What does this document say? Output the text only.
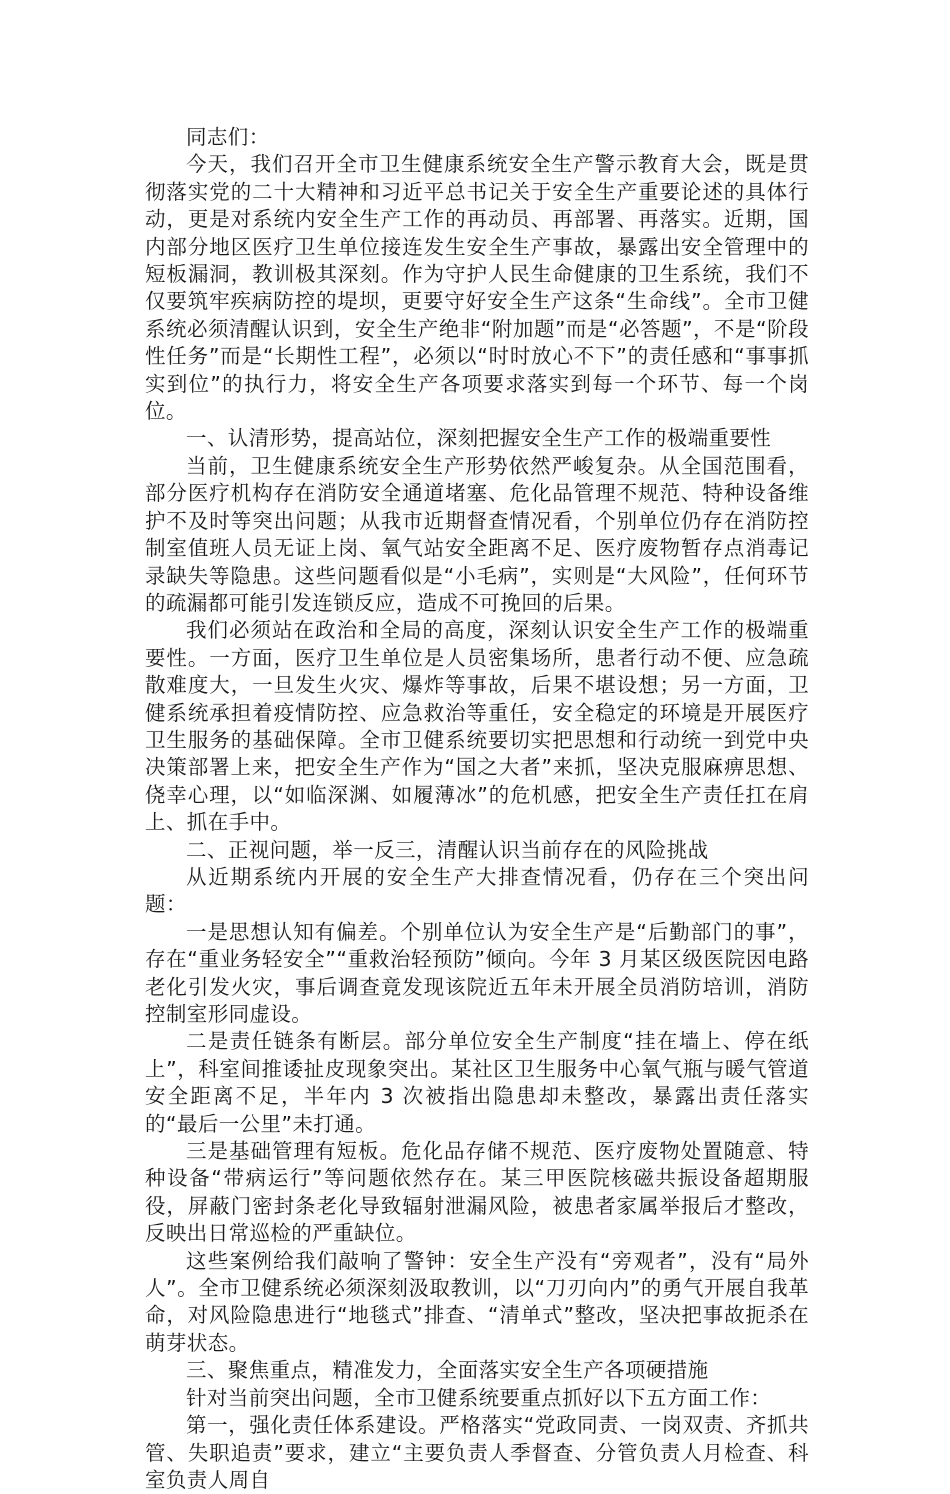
同志们：

今天，我们召开全市卫生健康系统安全生产警示教育大会，既是贯彻落实党的二十大精神和习近平总书记关于安全生产重要论述的具体行动，更是对系统内安全生产工作的再动员、再部署、再落实。近期，国内部分地区医疗卫生单位接连发生安全生产事故，暴露出安全管理中的短板漏洞，教训极其深刻。作为守护人民生命健康的卫生系统，我们不仅要筑牢疾病防控的堤坝，更要守好安全生产这条“生命线”。全市卫健系统必须清醒认识到，安全生产绝非“附加题”而是“必答题”，不是“阶段性任务”而是“长期性工程”，必须以“时时放心不下”的责任感和“事事抓实到位”的执行力，将安全生产各项要求落实到每一个环节、每一个岗位。

一、认清形势，提高站位，深刻把握安全生产工作的极端重要性

当前，卫生健康系统安全生产形势依然严峻复杂。从全国范围看，部分医疗机构存在消防安全通道堵塞、危化品管理不规范、特种设备维护不及时等突出问题；从我市近期督查情况看，个别单位仍存在消防控制室值班人员无证上岗、氧气站安全距离不足、医疗废物暂存点消毒记录缺失等隐患。这些问题看似是“小毛病”，实则是“大风险”，任何环节的疏漏都可能引发连锁反应，造成不可挽回的后果。

我们必须站在政治和全局的高度，深刻认识安全生产工作的极端重要性。一方面，医疗卫生单位是人员密集场所，患者行动不便、应急疏散难度大，一旦发生火灾、爆炸等事故，后果不堪设想；另一方面，卫健系统承担着疫情防控、应急救治等重任，安全稳定的环境是开展医疗卫生服务的基础保障。全市卫健系统要切实把思想和行动统一到党中央决策部署上来，把安全生产作为“国之大者”来抓，坚决克服麻痹思想、侥幸心理，以“如临深渊、如履薄冰”的危机感，把安全生产责任扛在肩上、抓在手中。

二、正视问题，举一反三，清醒认识当前存在的风险挑战

从近期系统内开展的安全生产大排查情况看，仍存在三个突出问题：

一是思想认知有偏差。个别单位认为安全生产是“后勤部门的事”，存在“重业务轻安全”“重救治轻预防”倾向。今年 3 月某区级医院因电路老化引发火灾，事后调查竟发现该院近五年未开展全员消防培训，消防控制室形同虚设。

二是责任链条有断层。部分单位安全生产制度“挂在墙上、停在纸上”，科室间推诿扯皮现象突出。某社区卫生服务中心氧气瓶与暖气管道安全距离不足，半年内 3 次被指出隐患却未整改，暴露出责任落实的“最后一公里”未打通。

三是基础管理有短板。危化品存储不规范、医疗废物处置随意、特种设备“带病运行”等问题依然存在。某三甲医院核磁共振设备超期服役，屏蔽门密封条老化导致辐射泄漏风险，被患者家属举报后才整改，反映出日常巡检的严重缺位。

这些案例给我们敲响了警钟：安全生产没有“旁观者”，没有“局外人”。全市卫健系统必须深刻汲取教训，以“刀刃向内”的勇气开展自我革命，对风险隐患进行“地毯式”排查、“清单式”整改，坚决把事故扼杀在萌芽状态。

三、聚焦重点，精准发力，全面落实安全生产各项硬措施

针对当前突出问题，全市卫健系统要重点抓好以下五方面工作：

第一，强化责任体系建设。严格落实“党政同责、一岗双责、齐抓共管、失职追责”要求，建立“主要负责人季督查、分管负责人月检查、科室负责人周自
